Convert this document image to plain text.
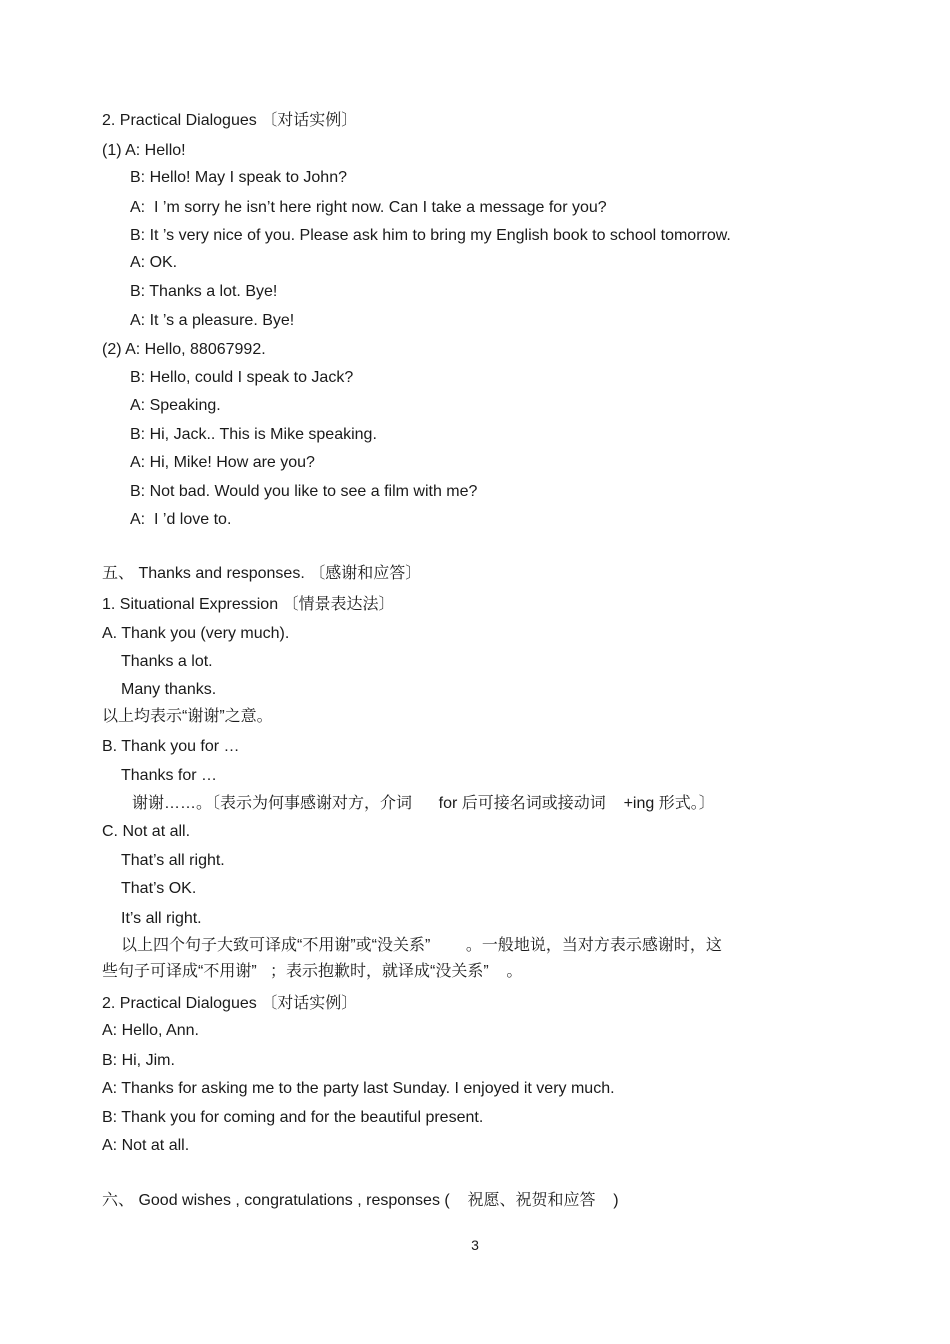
2. Practical Dialogues 〔对话实例〕
(1) A: Hello!
B: Hello! May I speak to John?
A:  I ’m sorry he isn’t here right now. Can I take a message for you?
B: It ’s very nice of you. Please ask him to bring my English book to school tomorrow.
A: OK.
B: Thanks a lot. Bye!
A: It ’s a pleasure. Bye!
(2) A: Hello, 88067992.
B: Hello, could I speak to Jack?
A: Speaking.
B: Hi, Jack.. This is Mike speaking.
A: Hi, Mike! How are you?
B: Not bad. Would you like to see a film with me?
A:  I ’d love to.
五、 Thanks and responses. 〔感谢和应答〕
1. Situational Expression 〔情景表达法〕
A. Thank you (very much).
Thanks a lot.
Many thanks.
以上均表示“谢谢”之意。
B. Thank you for …
Thanks for …
谢谢……。〔表示为何事感谢对方，介词      for 后可接名词或接动词    +ing 形式。〕
C. Not at all.
That’s all right.
That’s OK.
It’s all right.
以上四个句子大致可译成“不用谢”或“没关系”        。一般地说，当对方表示感谢时，这
些句子可译成“不用谢”   ；表示抱歉时，就译成“没关系”    。
2. Practical Dialogues 〔对话实例〕
A: Hello, Ann.
B: Hi, Jim.
A: Thanks for asking me to the party last Sunday. I enjoyed it very much.
B: Thank you for coming and for the beautiful present.
A: Not at all.
六、 Good wishes , congratulations , responses (    祝愿、祝贺和应答    )
3
